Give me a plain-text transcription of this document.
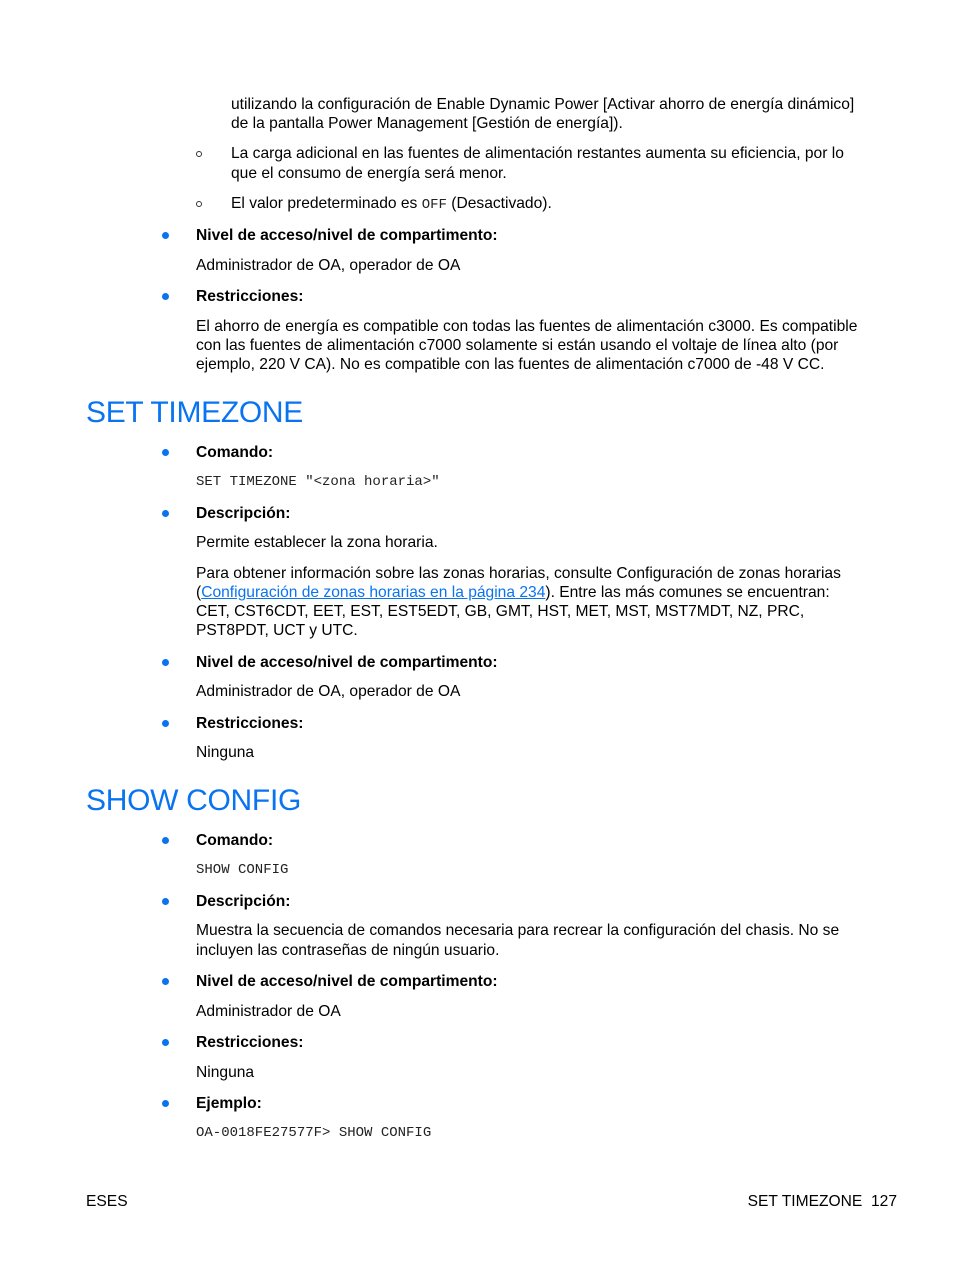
utilizando la configuración de Enable Dynamic Power [Activar ahorro de energía dinámico]
de la pantalla Power Management [Gestión de energía]).
La carga adicional en las fuentes de alimentación restantes aumenta su eficiencia, por lo
que el consumo de energía será menor.
El valor predeterminado es OFF (Desactivado).
Nivel de acceso/nivel de compartimento:
Administrador de OA, operador de OA
Restricciones:
El ahorro de energía es compatible con todas las fuentes de alimentación c3000. Es compatible
con las fuentes de alimentación c7000 solamente si están usando el voltaje de línea alto (por
ejemplo, 220 V CA). No es compatible con las fuentes de alimentación c7000 de -48 V CC.
SET TIMEZONE
Comando:
SET TIMEZONE "<zona horaria>"
Descripción:
Permite establecer la zona horaria.
Para obtener información sobre las zonas horarias, consulte Configuración de zonas horarias
(Configuración de zonas horarias en la página 234). Entre las más comunes se encuentran:
CET, CST6CDT, EET, EST, EST5EDT, GB, GMT, HST, MET, MST, MST7MDT, NZ, PRC,
PST8PDT, UCT y UTC.
Nivel de acceso/nivel de compartimento:
Administrador de OA, operador de OA
Restricciones:
Ninguna
SHOW CONFIG
Comando:
SHOW CONFIG
Descripción:
Muestra la secuencia de comandos necesaria para recrear la configuración del chasis. No se
incluyen las contraseñas de ningún usuario.
Nivel de acceso/nivel de compartimento:
Administrador de OA
Restricciones:
Ninguna
Ejemplo:
OA-0018FE27577F> SHOW CONFIG
ESES	SET TIMEZONE 127
